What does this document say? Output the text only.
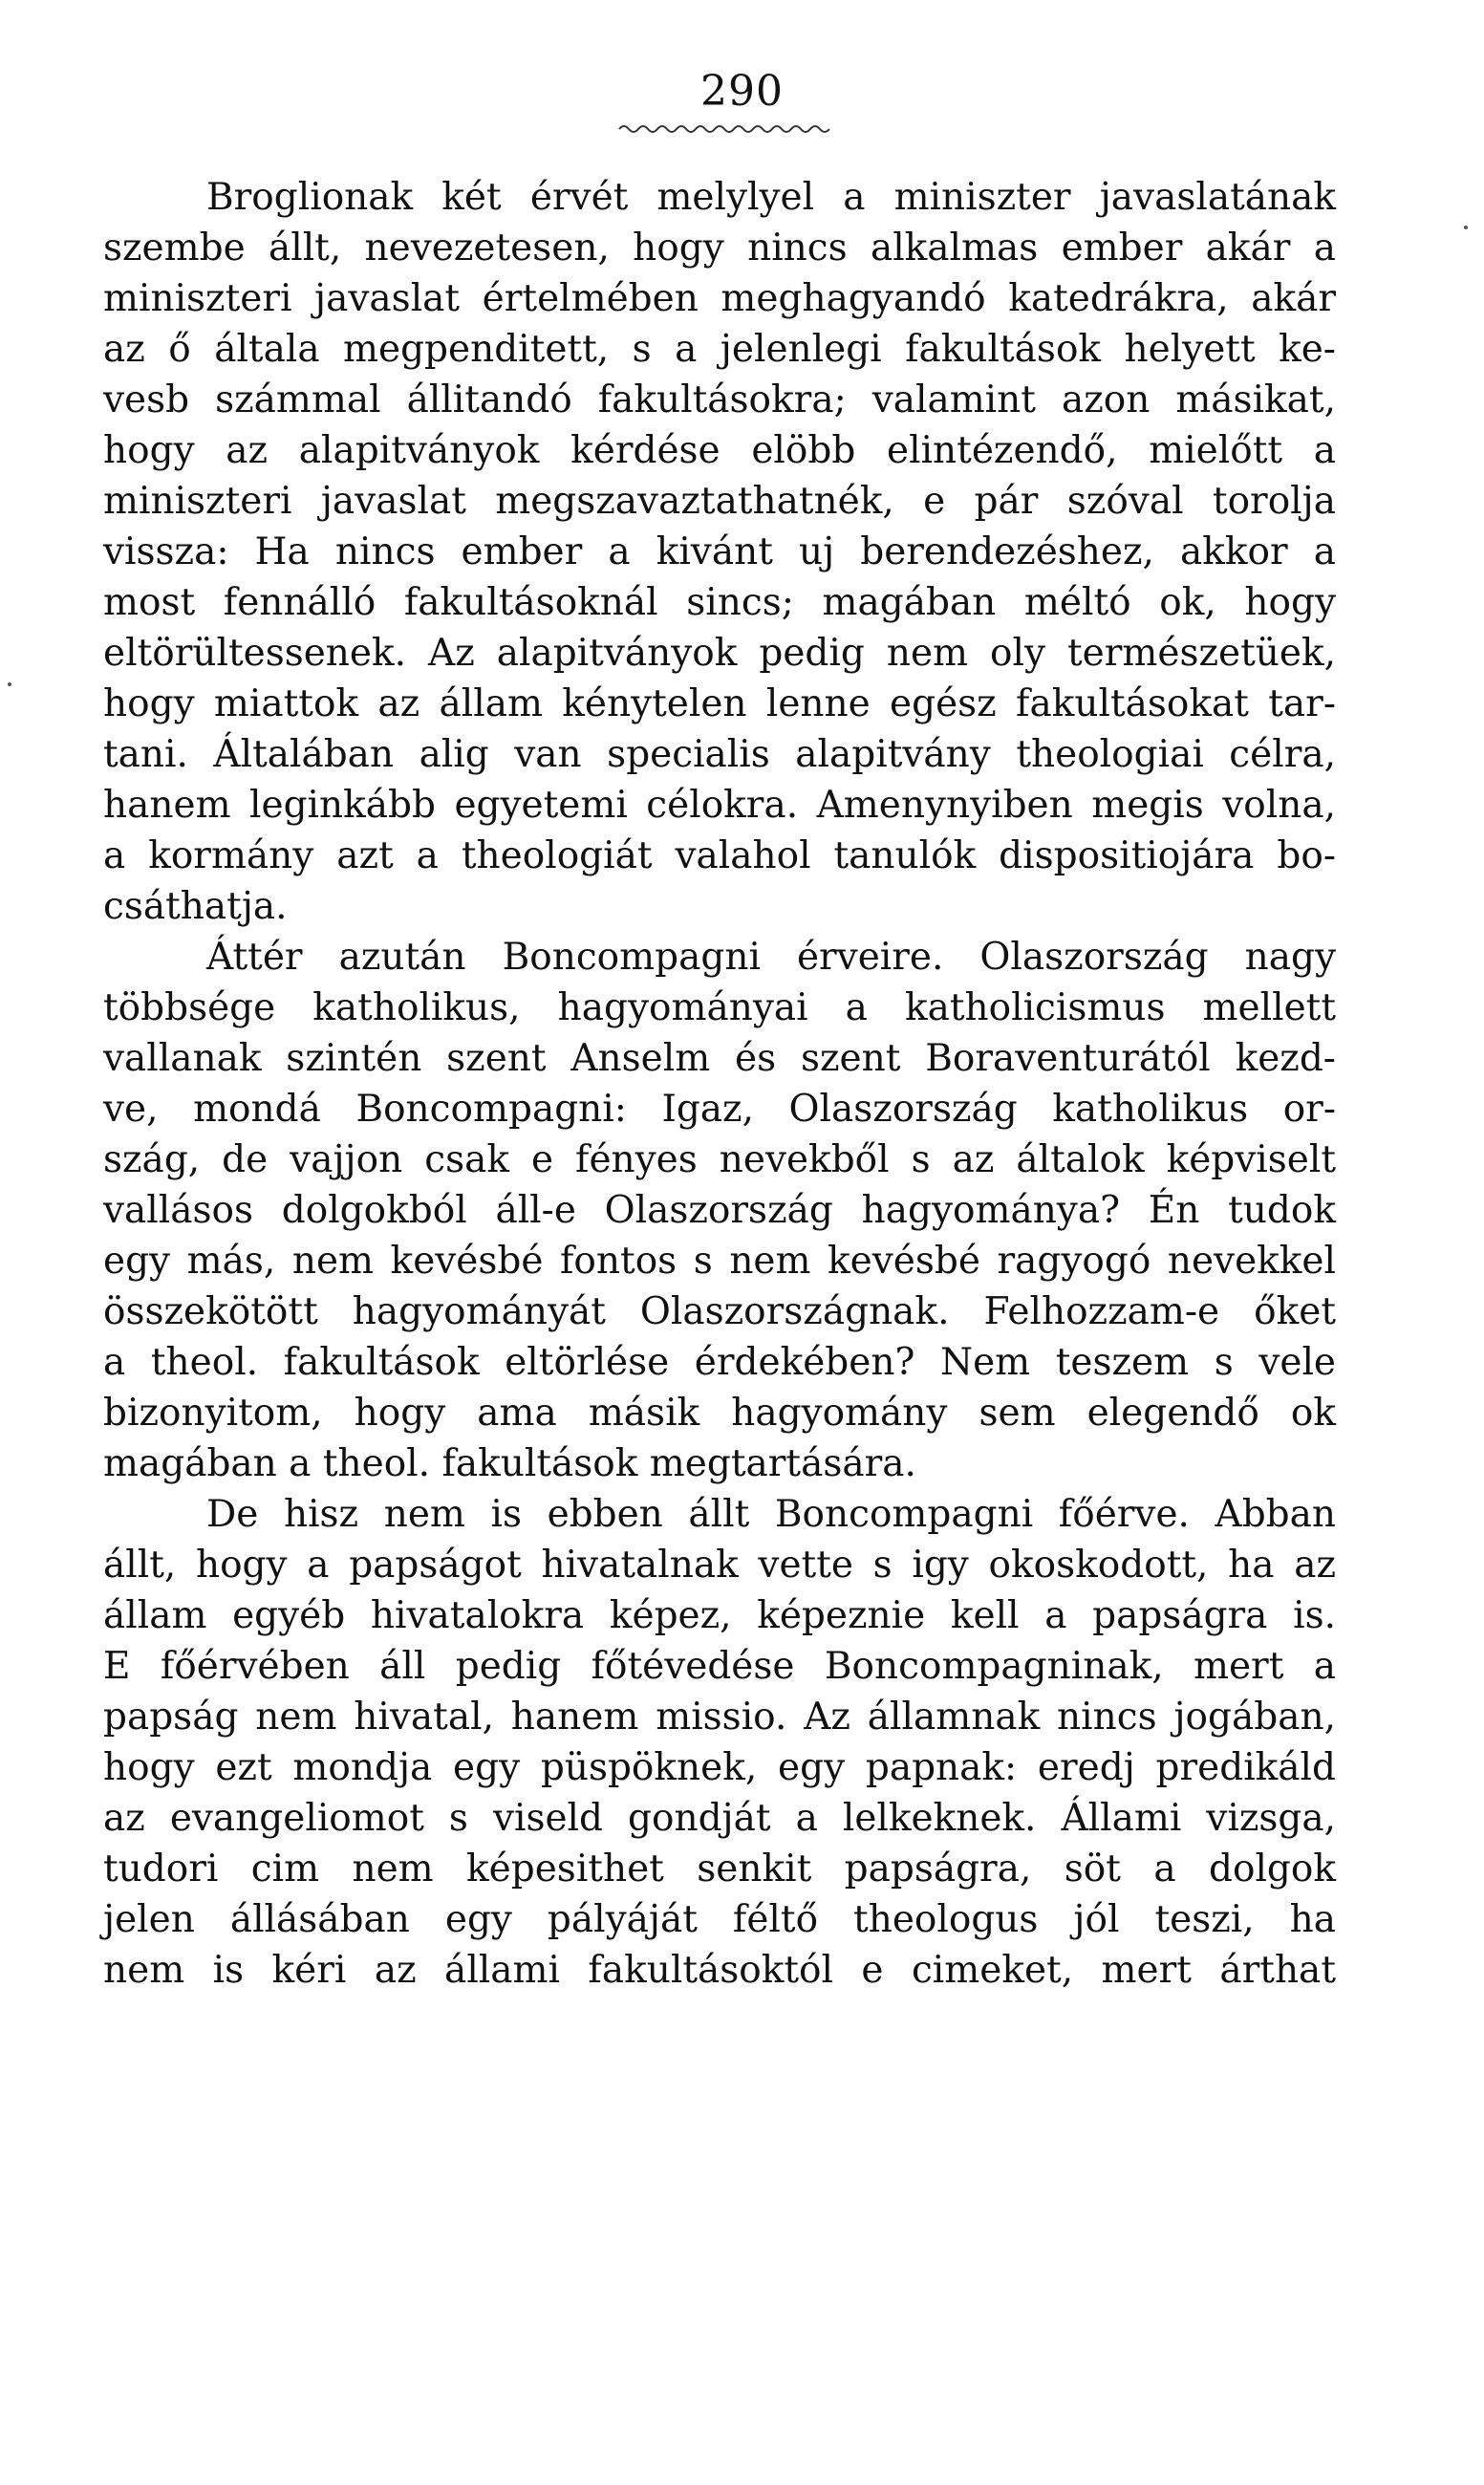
290
Broglionak két érvét melylyel a miniszter javaslatának
szembe állt, nevezetesen, hogy nincs alkalmas ember akár a
miniszteri javaslat értelmében meghagyandó katedrákra, akár
az ő általa megpenditett, s a jelenlegi fakultások helyett ke-
vesb számmal állitandó fakultásokra; valamint azon másikat,
hogy az alapitványok kérdése elöbb elintézendő, mielőtt a
miniszteri javaslat megszavaztathatnék, e pár szóval torolja
vissza: Ha nincs ember a kivánt uj berendezéshez, akkor a
most fennálló fakultásoknál sincs; magában méltó ok, hogy
eltörültessenek. Az alapitványok pedig nem oly természetüek,
hogy miattok az állam kénytelen lenne egész fakultásokat tar-
tani. Általában alig van specialis alapitvány theologiai célra,
hanem leginkább egyetemi célokra. Amenynyiben megis volna,
a kormány azt a theologiát valahol tanulók dispositiojára bo-
csáthatja.
Áttér azután Boncompagni érveire. Olaszország nagy
többsége katholikus, hagyományai a katholicismus mellett
vallanak szintén szent Anselm és szent Boraventurától kezd-
ve, mondá Boncompagni: Igaz, Olaszország katholikus or-
szág, de vajjon csak e fényes nevekből s az általok képviselt
vallásos dolgokból áll-e Olaszország hagyománya? Én tudok
egy más, nem kevésbé fontos s nem kevésbé ragyogó nevekkel
összekötött hagyományát Olaszországnak. Felhozzam-e őket
a theol. fakultások eltörlése érdekében? Nem teszem s vele
bizonyitom, hogy ama másik hagyomány sem elegendő ok
magában a theol. fakultások megtartására.
De hisz nem is ebben állt Boncompagni főérve. Abban
állt, hogy a papságot hivatalnak vette s igy okoskodott, ha az
állam egyéb hivatalokra képez, képeznie kell a papságra is.
E főérvében áll pedig főtévedése Boncompagninak, mert a
papság nem hivatal, hanem missio. Az államnak nincs jogában,
hogy ezt mondja egy püspöknek, egy papnak: eredj predikáld
az evangeliomot s viseld gondját a lelkeknek. Állami vizsga,
tudori cim nem képesithet senkit papságra, söt a dolgok
jelen állásában egy pályáját féltő theologus jól teszi, ha
nem is kéri az állami fakultásoktól e cimeket, mert árthat
